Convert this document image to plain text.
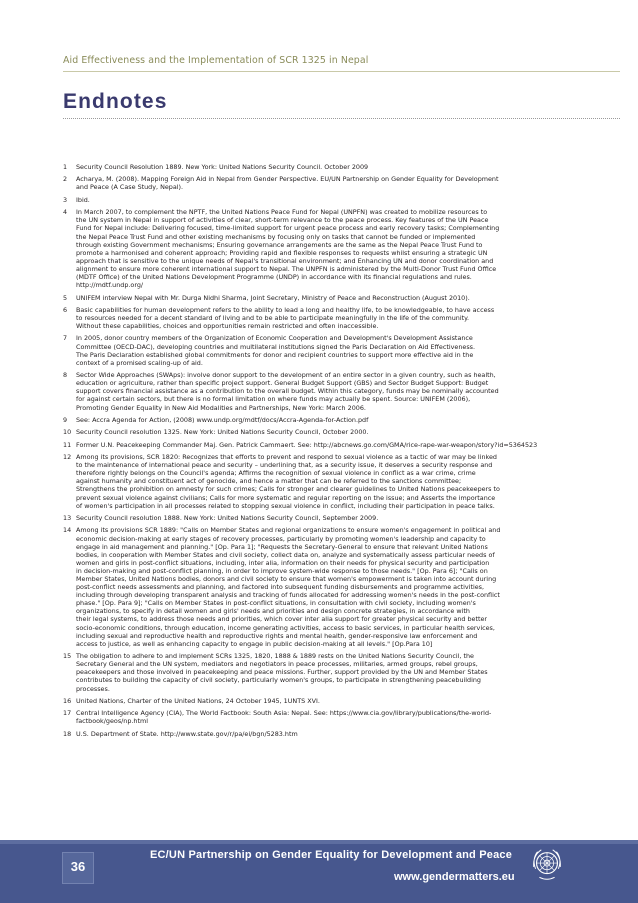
Aid Effectiveness and the Implementation of SCR 1325 in Nepal
Endnotes
1	Security Council Resolution 1889. New York: United Nations Security Council. October 2009
2	Acharya, M. (2008). Mapping Foreign Aid in Nepal from Gender Perspective. EU/UN Partnership on Gender Equality for Development
and Peace (A Case Study, Nepal).
3	Ibid.
4	In March 2007, to complement the NPTF, the United Nations Peace Fund for Nepal (UNPFN) was created to mobilize resources to
the UN system in Nepal in support of activities of clear, short-term relevance to the peace process. Key features of the UN Peace
Fund for Nepal include: Delivering focused, time-limited support for urgent peace process and early recovery tasks; Complementing
the Nepal Peace Trust Fund and other existing mechanisms by focusing only on tasks that cannot be funded or implemented
through existing Government mechanisms; Ensuring governance arrangements are the same as the Nepal Peace Trust Fund to
promote a harmonised and coherent approach; Providing rapid and flexible responses to requests whilst ensuring a strategic UN
approach that is sensitive to the unique needs of Nepal's transitional environment; and Enhancing UN and donor coordination and
alignment to ensure more coherent international support to Nepal. The UNPFN is administered by the Multi-Donor Trust Fund Office
(MDTF Office) of the United Nations Development Programme (UNDP) in accordance with its financial regulations and rules.
http://mdtf.undp.org/
5	UNIFEM interview Nepal with Mr. Durga Nidhi Sharma, Joint Secretary, Ministry of Peace and Reconstruction (August 2010).
6	Basic capabilities for human development refers to the ability to lead a long and healthy life, to be knowledgeable, to have access
to resources needed for a decent standard of living and to be able to participate meaningfully in the life of the community.
Without these capabilities, choices and opportunities remain restricted and often inaccessible.
7	In 2005, donor country members of the Organization of Economic Cooperation and Development's Development Assistance
Committee (OECD-DAC), developing countries and multilateral institutions signed the Paris Declaration on Aid Effectiveness.
The Paris Declaration established global commitments for donor and recipient countries to support more effective aid in the
context of a promised scaling-up of aid.
8	Sector Wide Approaches (SWAps): involve donor support to the development of an entire sector in a given country, such as health,
education or agriculture, rather than specific project support. General Budget Support (GBS) and Sector Budget Support: Budget
support covers financial assistance as a contribution to the overall budget. Within this category, funds may be nominally accounted
for against certain sectors, but there is no formal limitation on where funds may actually be spent. Source: UNIFEM (2006),
Promoting Gender Equality in New Aid Modalities and Partnerships, New York: March 2006.
9	See: Accra Agenda for Action, (2008) www.undp.org/mdtf/docs/Accra-Agenda-for-Action.pdf
10 Security Council resolution 1325. New York: United Nations Security Council, October 2000.
11 Former U.N. Peacekeeping Commander Maj. Gen. Patrick Cammaert. See: http://abcnews.go.com/GMA/rice-rape-war-weapon/story?id=5364523
12 Among its provisions, SCR 1820: Recognizes that efforts to prevent and respond to sexual violence as a tactic of war may be linked
to the maintenance of international peace and security – underlining that, as a security issue, it deserves a security response and
therefore rightly belongs on the Council's agenda; Affirms the recognition of sexual violence in conflict as a war crime, crime
against humanity and constituent act of genocide, and hence a matter that can be referred to the sanctions committee;
Strengthens the prohibition on amnesty for such crimes; Calls for stronger and clearer guidelines to United Nations peacekeepers to
prevent sexual violence against civilians; Calls for more systematic and regular reporting on the issue; and Asserts the importance
of women's participation in all processes related to stopping sexual violence in conflict, including their participation in peace talks.
13 Security Council resolution 1888. New York: United Nations Security Council, September 2009.
14 Among its provisions SCR 1889: "Calls on Member States and regional organizations to ensure women's engagement in political and
economic decision-making at early stages of recovery processes, particularly by promoting women's leadership and capacity to
engage in aid management and planning." [Op. Para 1]; "Requests the Secretary-General to ensure that relevant United Nations
bodies, in cooperation with Member States and civil society, collect data on, analyze and systematically assess particular needs of
women and girls in post-conflict situations, including, inter alia, information on their needs for physical security and participation
in decision-making and post-conflict planning, in order to improve system-wide response to those needs." [Op. Para 6]; "Calls on
Member States, United Nations bodies, donors and civil society to ensure that women's empowerment is taken into account during
post-conflict needs assessments and planning, and factored into subsequent funding disbursements and programme activities,
including through developing transparent analysis and tracking of funds allocated for addressing women's needs in the post-conflict
phase." [Op. Para 9]; "Calls on Member States in post-conflict situations, in consultation with civil society, including women's
organizations, to specify in detail women and girls' needs and priorities and design concrete strategies, in accordance with
their legal systems, to address those needs and priorities, which cover inter alia support for greater physical security and better
socio-economic conditions, through education, income generating activities, access to basic services, in particular health services,
including sexual and reproductive health and reproductive rights and mental health, gender-responsive law enforcement and
access to justice, as well as enhancing capacity to engage in public decision-making at all levels." [Op.Para 10]
15 The obligation to adhere to and implement SCRs 1325, 1820, 1888 & 1889 rests on the United Nations Security Council, the
Secretary General and the UN system, mediators and negotiators in peace processes, militaries, armed groups, rebel groups,
peacekeepers and those involved in peacekeeping and peace missions. Further, support provided by the UN and Member States
contributes to building the capacity of civil society, particularly women's groups, to participate in strengthening peacebuilding
processes.
16 United Nations, Charter of the United Nations, 24 October 1945, 1UNTS XVI.
17 Central Intelligence Agency (CIA), The World Factbook: South Asia: Nepal. See: https://www.cia.gov/library/publications/the-world-factbook/geos/np.html
18 U.S. Department of State. http://www.state.gov/r/pa/ei/bgn/5283.htm
36
EC/UN Partnership on Gender Equality for Development and Peace
www.gendermatters.eu
